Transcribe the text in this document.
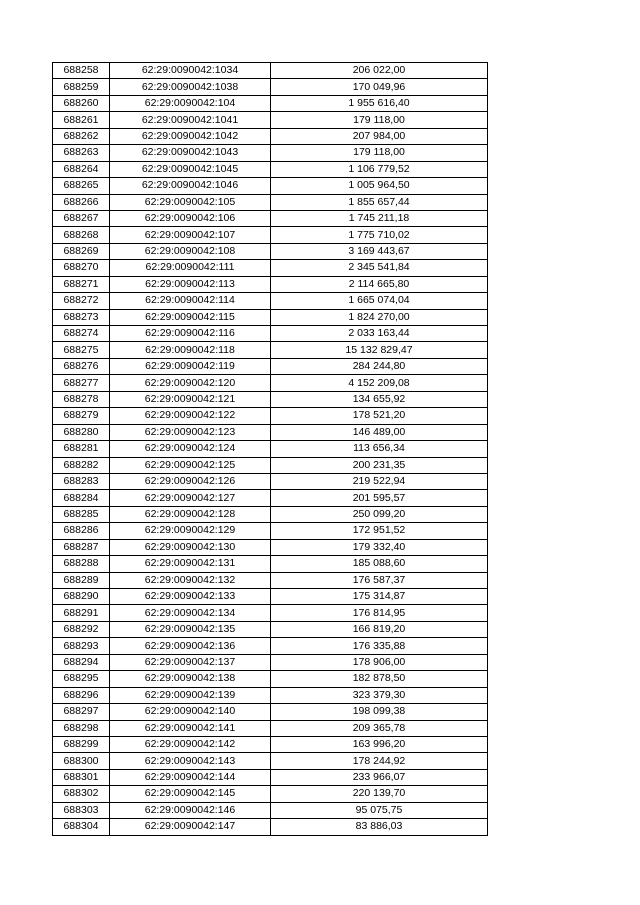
688258	62:29:0090042:1034	206 022,00
688259	62:29:0090042:1038	170 049,96
688260	62:29:0090042:104	1 955 616,40
688261	62:29:0090042:1041	179 118,00
688262	62:29:0090042:1042	207 984,00
688263	62:29:0090042:1043	179 118,00
688264	62:29:0090042:1045	1 106 779,52
688265	62:29:0090042:1046	1 005 964,50
688266	62:29:0090042:105	1 855 657,44
688267	62:29:0090042:106	1 745 211,18
688268	62:29:0090042:107	1 775 710,02
688269	62:29:0090042:108	3 169 443,67
688270	62:29:0090042:111	2 345 541,84
688271	62:29:0090042:113	2 114 665,80
688272	62:29:0090042:114	1 665 074,04
688273	62:29:0090042:115	1 824 270,00
688274	62:29:0090042:116	2 033 163,44
688275	62:29:0090042:118	15 132 829,47
688276	62:29:0090042:119	284 244,80
688277	62:29:0090042:120	4 152 209,08
688278	62:29:0090042:121	134 655,92
688279	62:29:0090042:122	178 521,20
688280	62:29:0090042:123	146 489,00
688281	62:29:0090042:124	113 656,34
688282	62:29:0090042:125	200 231,35
688283	62:29:0090042:126	219 522,94
688284	62:29:0090042:127	201 595,57
688285	62:29:0090042:128	250 099,20
688286	62:29:0090042:129	172 951,52
688287	62:29:0090042:130	179 332,40
688288	62:29:0090042:131	185 088,60
688289	62:29:0090042:132	176 587,37
688290	62:29:0090042:133	175 314,87
688291	62:29:0090042:134	176 814,95
688292	62:29:0090042:135	166 819,20
688293	62:29:0090042:136	176 335,88
688294	62:29:0090042:137	178 906,00
688295	62:29:0090042:138	182 878,50
688296	62:29:0090042:139	323 379,30
688297	62:29:0090042:140	198 099,38
688298	62:29:0090042:141	209 365,78
688299	62:29:0090042:142	163 996,20
688300	62:29:0090042:143	178 244,92
688301	62:29:0090042:144	233 966,07
688302	62:29:0090042:145	220 139,70
688303	62:29:0090042:146	95 075,75
688304	62:29:0090042:147	83 886,03
